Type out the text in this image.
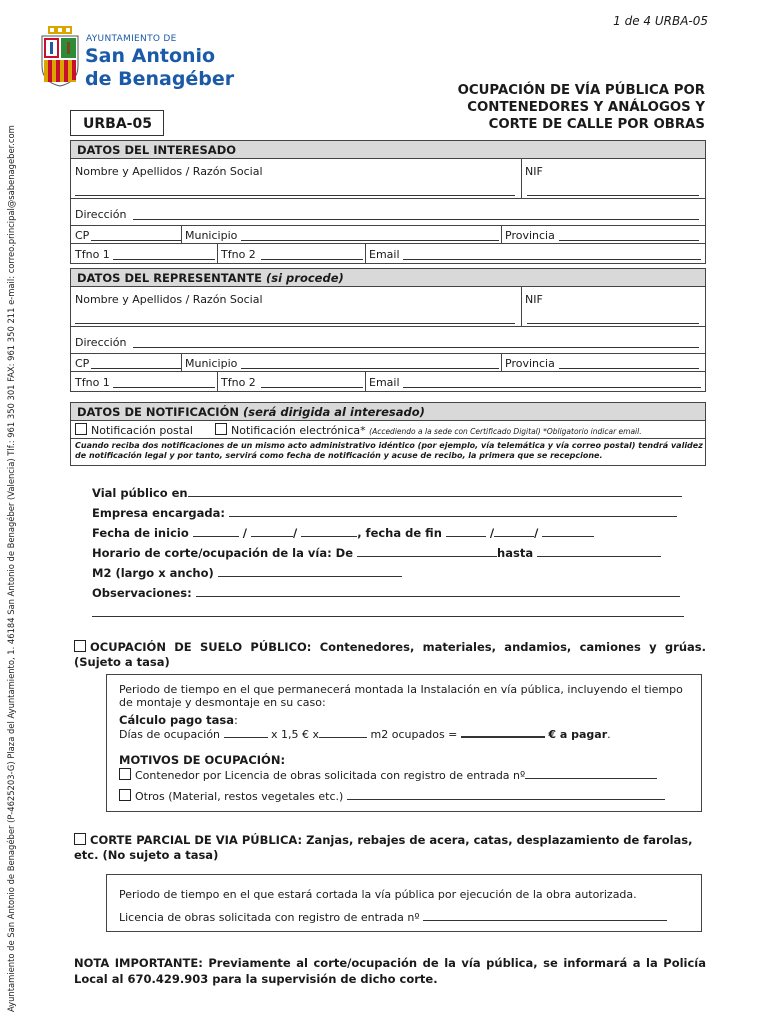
Ayuntamiento de San Antonio de Benagéber (P-4625203-G) Plaza del Ayuntamiento, 1. 46184 San Antonio de Benagéber (Valencia) Tlf.: 961 350 301 FAX: 961 350 211 e-mail: correo.principal@sabenageber.com
1 de 4 URBA-05
AYUNTAMIENTO DE
San Antonio
de Benagéber
OCUPACIÓN DE VÍA PÚBLICA POR
CONTENEDORES Y ANÁLOGOS Y
CORTE DE CALLE POR OBRAS
URBA-05
DATOS DEL INTERESADO
Nombre y Apellidos / Razón Social	NIF
Dirección
CP	Municipio	Provincia
Tfno 1	Tfno 2	Email
DATOS DEL REPRESENTANTE (si procede)
Nombre y Apellidos / Razón Social	NIF
Dirección
CP	Municipio	Provincia
Tfno 1	Tfno 2	Email
DATOS DE NOTIFICACIÓN (será dirigida al interesado)
Notificación postal	Notificación electrónica* (Accediendo a la sede con Certificado Digital) *Obligatorio indicar email.
Cuando reciba dos notificaciones de un mismo acto administrativo idéntico (por ejemplo, vía telemática y vía correo postal) tendrá validez de notificación legal y por tanto, servirá como fecha de notificación y acuse de recibo, la primera que se recepcione.
Vial público en
Empresa encargada:
Fecha de inicio	/	/	, fecha de fin	/	/
Horario de corte/ocupación de la vía: De	hasta
M2 (largo x ancho)
Observaciones:
OCUPACIÓN DE SUELO PÚBLICO: Contenedores, materiales, andamios, camiones y grúas. (Sujeto a tasa)
Periodo de tiempo en el que permanecerá montada la Instalación en vía pública, incluyendo el tiempo de montaje y desmontaje en su caso:
Cálculo pago tasa:
Días de ocupación	x 1,5 € x	m2 ocupados =	€ a pagar.
MOTIVOS DE OCUPACIÓN:
Contenedor por Licencia de obras solicitada con registro de entrada nº
Otros (Material, restos vegetales etc.)
CORTE PARCIAL DE VIA PÚBLICA: Zanjas, rebajes de acera, catas, desplazamiento de farolas, etc. (No sujeto a tasa)
Periodo de tiempo en el que estará cortada la vía pública por ejecución de la obra autorizada.
Licencia de obras solicitada con registro de entrada nº
NOTA IMPORTANTE: Previamente al corte/ocupación de la vía pública, se informará a la Policía Local al 670.429.903 para la supervisión de dicho corte.
